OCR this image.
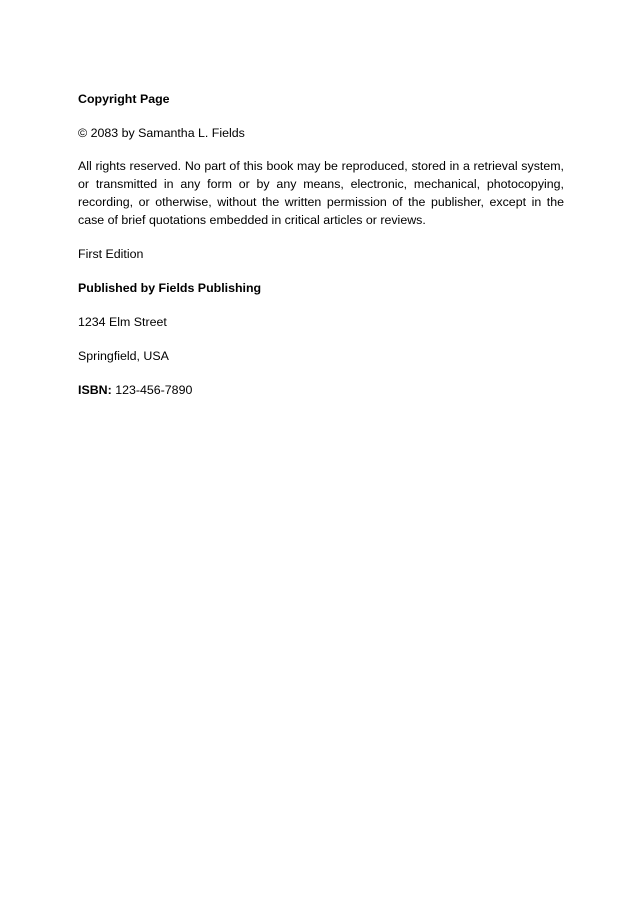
Copyright Page

© 2083 by Samantha L. Fields

All rights reserved. No part of this book may be reproduced, stored in a retrieval system, or transmitted in any form or by any means, electronic, mechanical, photocopying, recording, or otherwise, without the written permission of the publisher, except in the case of brief quotations embedded in critical articles or reviews.

First Edition

Published by Fields Publishing

1234 Elm Street

Springfield, USA

ISBN: 123-456-7890
